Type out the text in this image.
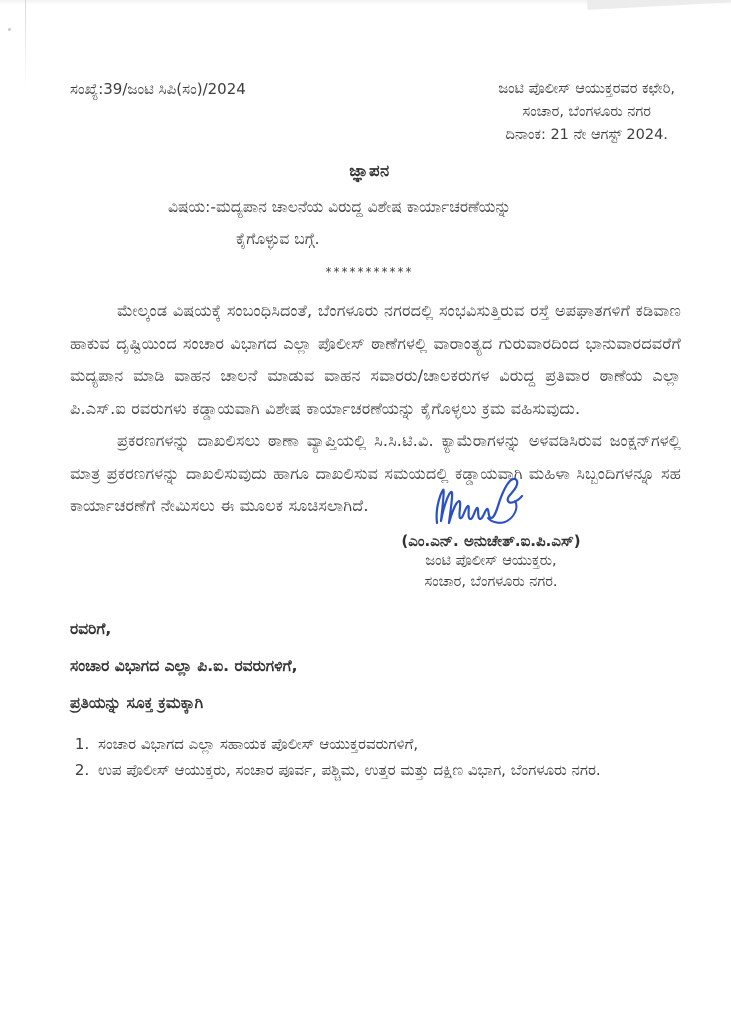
ಸಂಖ್ಯೆ:39/ಜಂಟಿ ಸಿಪಿ(ಸಂ)/2024	ಜಂಟಿ ಪೊಲೀಸ್ ಆಯುಕ್ತರವರ ಕಛೇರಿ,
ಸಂಚಾರ, ಬೆಂಗಳೂರು ನಗರ
ದಿನಾಂಕ: 21 ನೇ ಆಗಸ್ಟ್ 2024.
ಜ್ಞಾಪನ
ವಿಷಯ:-ಮದ್ಯಪಾನ ಚಾಲನೆಯ ವಿರುದ್ದ ವಿಶೇಷ ಕಾರ್ಯಾಚರಣೆಯನ್ನು
ಕೈಗೊಳ್ಳುವ ಬಗ್ಗೆ.
***********

ಮೇಲ್ಕಂಡ ವಿಷಯಕ್ಕೆ ಸಂಬಂಧಿಸಿದಂತೆ, ಬೆಂಗಳೂರು ನಗರದಲ್ಲಿ ಸಂಭವಿಸುತ್ತಿರುವ ರಸ್ತೆ ಅಪಘಾತಗಳಿಗೆ ಕಡಿವಾಣ ಹಾಕುವ ದೃಷ್ಟಿಯಿಂದ ಸಂಚಾರ ವಿಭಾಗದ ಎಲ್ಲಾ ಪೊಲೀಸ್ ಠಾಣೆಗಳಲ್ಲಿ ವಾರಾಂತ್ಯದ ಗುರುವಾರದಿಂದ ಭಾನುವಾರದವರೆಗೆ ಮದ್ಯಪಾನ ಮಾಡಿ ವಾಹನ ಚಾಲನೆ ಮಾಡುವ ವಾಹನ ಸವಾರರು/ಚಾಲಕರುಗಳ ವಿರುದ್ದ ಪ್ರತಿವಾರ ಠಾಣೆಯ ಎಲ್ಲಾ ಪಿ.ಎಸ್.ಐ ರವರುಗಳು ಕಡ್ಡಾಯವಾಗಿ ವಿಶೇಷ ಕಾರ್ಯಾಚರಣೆಯನ್ನು ಕೈಗೊಳ್ಳಲು ಕ್ರಮ ವಹಿಸುವುದು.

ಪ್ರಕರಣಗಳನ್ನು ದಾಖಲಿಸಲು ಠಾಣಾ ವ್ಯಾಪ್ತಿಯಲ್ಲಿ ಸಿ.ಸಿ.ಟಿ.ವಿ. ಕ್ಯಾಮೆರಾಗಳನ್ನು ಅಳವಡಿಸಿರುವ ಜಂಕ್ಷನ್‌ಗಳಲ್ಲಿ ಮಾತ್ರ ಪ್ರಕರಣಗಳನ್ನು ದಾಖಲಿಸುವುದು ಹಾಗೂ ದಾಖಲಿಸುವ ಸಮಯದಲ್ಲಿ ಕಡ್ಡಾಯವಾಗಿ ಮಹಿಳಾ ಸಿಬ್ಬಂದಿಗಳನ್ನೂ ಸಹ ಕಾರ್ಯಾಚರಣೆಗೆ ನೇಮಿಸಲು ಈ ಮೂಲಕ ಸೂಚಿಸಲಾಗಿದೆ.

(ಎಂ.ಎನ್. ಅನುಚೇತ್.ಐ.ಪಿ.ಎಸ್)
ಜಂಟಿ ಪೊಲೀಸ್ ಆಯುಕ್ತರು,
ಸಂಚಾರ, ಬೆಂಗಳೂರು ನಗರ.
ರವರಿಗೆ,
ಸಂಚಾರ ವಿಭಾಗದ ಎಲ್ಲಾ ಪಿ.ಐ. ರವರುಗಳಿಗೆ,
ಪ್ರತಿಯನ್ನು ಸೂಕ್ತ ಕ್ರಮಕ್ಕಾಗಿ
1. ಸಂಚಾರ ವಿಭಾಗದ ಎಲ್ಲಾ ಸಹಾಯಕ ಪೊಲೀಸ್ ಆಯುಕ್ತರವರುಗಳಿಗೆ,
2. ಉಪ ಪೊಲೀಸ್ ಆಯುಕ್ತರು, ಸಂಚಾರ ಪೂರ್ವ, ಪಶ್ಚಿಮ, ಉತ್ತರ ಮತ್ತು ದಕ್ಷಿಣ ವಿಭಾಗ, ಬೆಂಗಳೂರು ನಗರ.
